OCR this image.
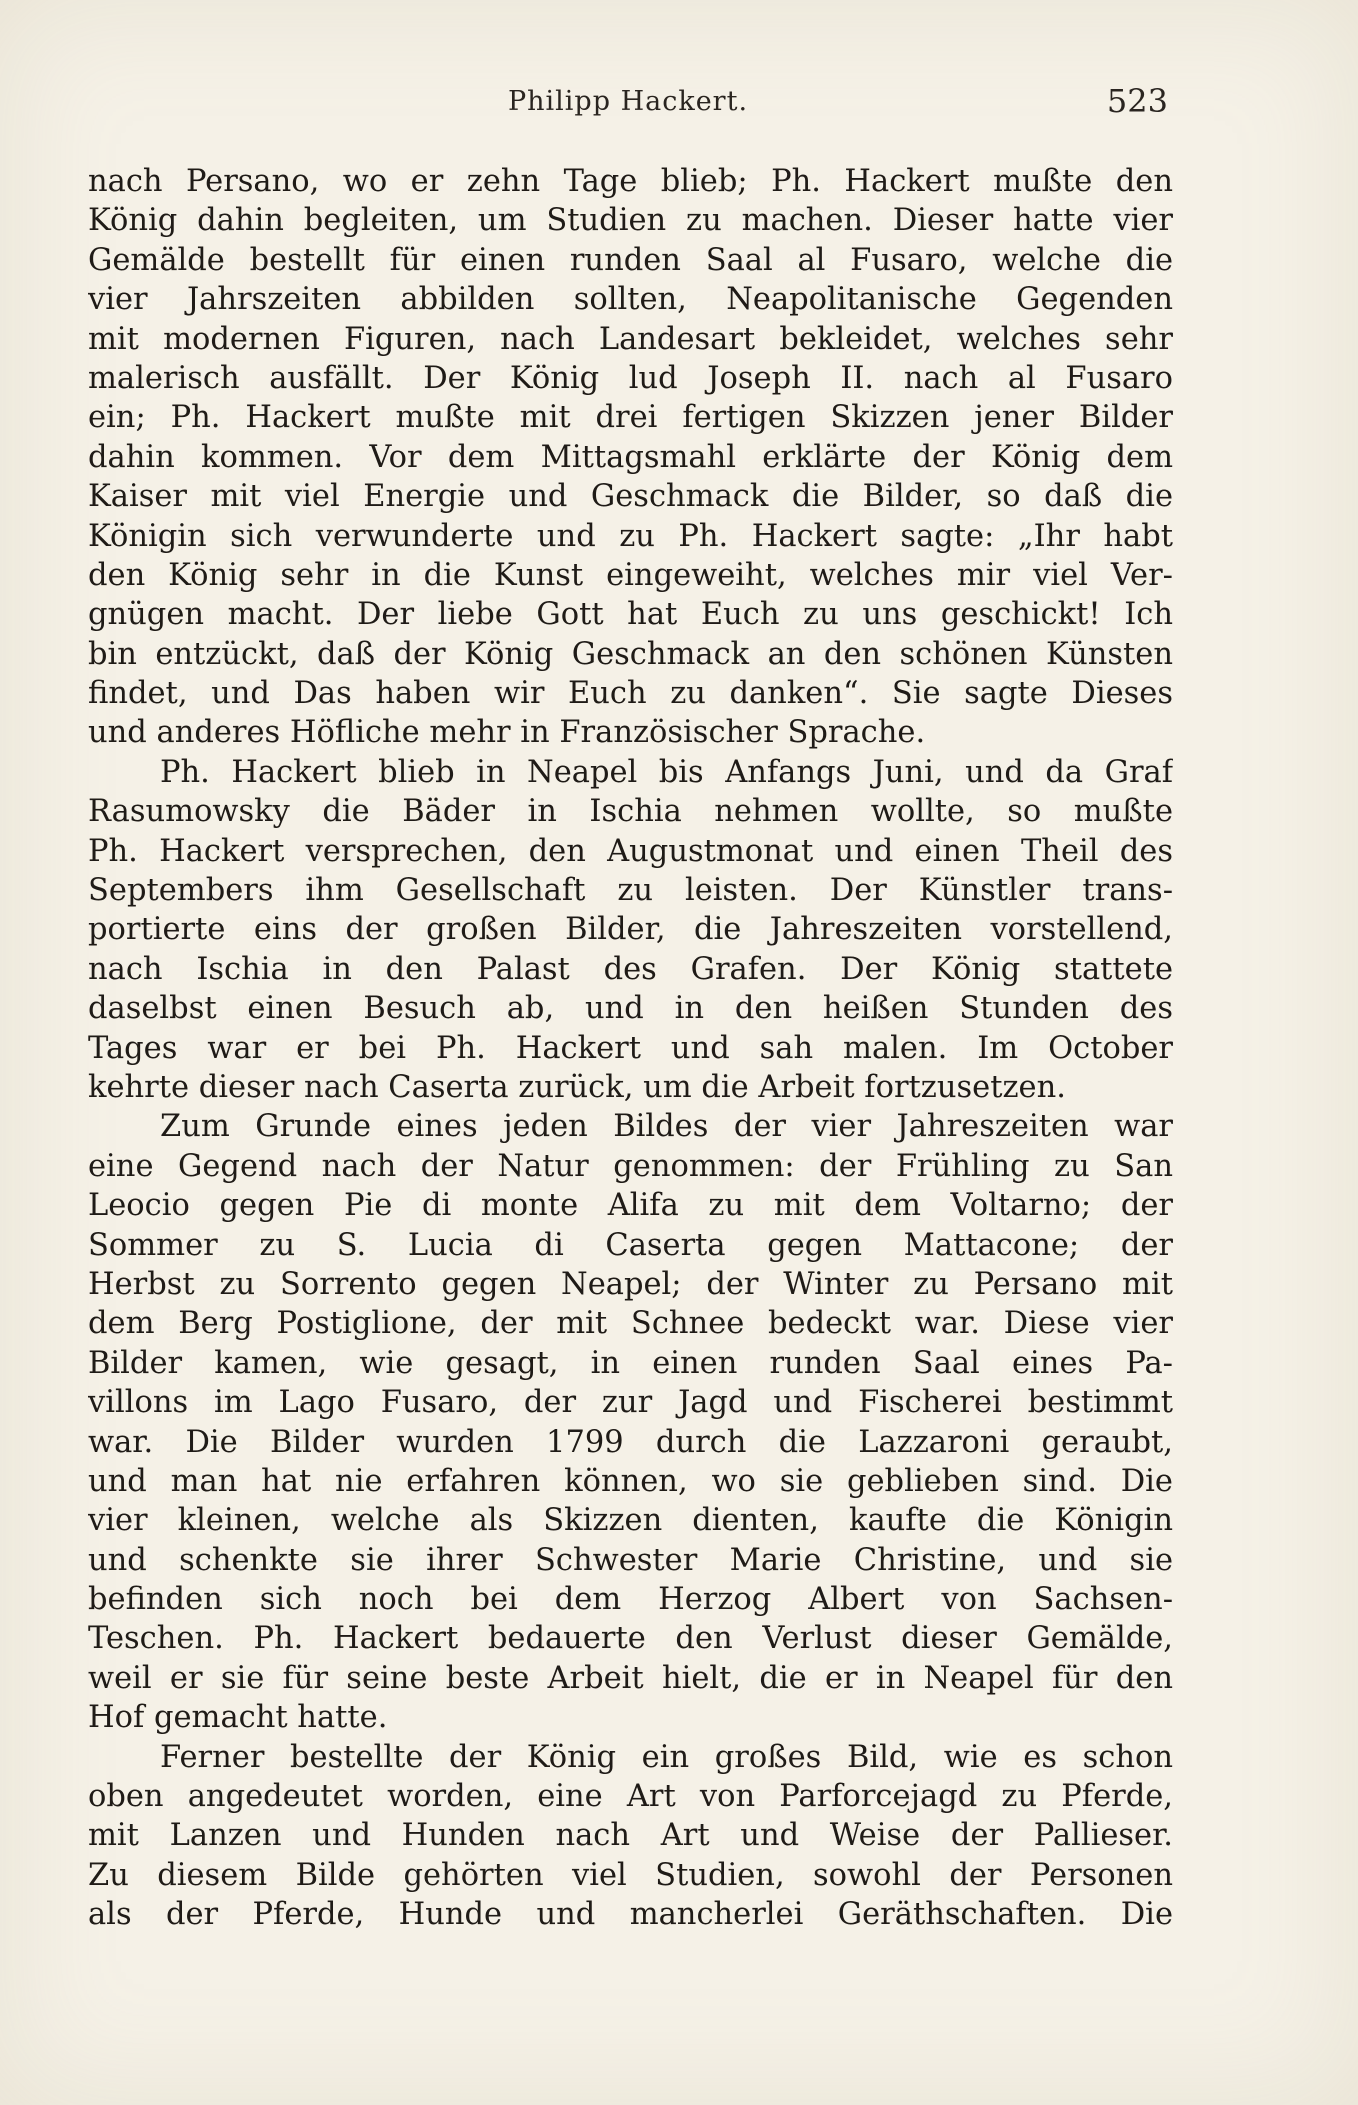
Philipp Hackert.	523
nach Persano, wo er zehn Tage blieb; Ph. Hackert mußte den
König dahin begleiten, um Studien zu machen. Dieser hatte vier
Gemälde bestellt für einen runden Saal al Fusaro, welche die
vier Jahrszeiten abbilden sollten, Neapolitanische Gegenden
mit modernen Figuren, nach Landesart bekleidet, welches sehr
malerisch ausfällt. Der König lud Joseph II. nach al Fusaro
ein; Ph. Hackert mußte mit drei fertigen Skizzen jener Bilder
dahin kommen. Vor dem Mittagsmahl erklärte der König dem
Kaiser mit viel Energie und Geschmack die Bilder, so daß die
Königin sich verwunderte und zu Ph. Hackert sagte: „Ihr habt
den König sehr in die Kunst eingeweiht, welches mir viel Ver-
gnügen macht. Der liebe Gott hat Euch zu uns geschickt! Ich
bin entzückt, daß der König Geschmack an den schönen Künsten
findet, und Das haben wir Euch zu danken“. Sie sagte Dieses
und anderes Höfliche mehr in Französischer Sprache.
Ph. Hackert blieb in Neapel bis Anfangs Juni, und da Graf
Rasumowsky die Bäder in Ischia nehmen wollte, so mußte
Ph. Hackert versprechen, den Augustmonat und einen Theil des
Septembers ihm Gesellschaft zu leisten. Der Künstler trans-
portierte eins der großen Bilder, die Jahreszeiten vorstellend,
nach Ischia in den Palast des Grafen. Der König stattete
daselbst einen Besuch ab, und in den heißen Stunden des
Tages war er bei Ph. Hackert und sah malen. Im October
kehrte dieser nach Caserta zurück, um die Arbeit fortzusetzen.
Zum Grunde eines jeden Bildes der vier Jahreszeiten war
eine Gegend nach der Natur genommen: der Frühling zu San
Leocio gegen Pie di monte Alifa zu mit dem Voltarno; der
Sommer zu S. Lucia di Caserta gegen Mattacone; der
Herbst zu Sorrento gegen Neapel; der Winter zu Persano mit
dem Berg Postiglione, der mit Schnee bedeckt war. Diese vier
Bilder kamen, wie gesagt, in einen runden Saal eines Pa-
villons im Lago Fusaro, der zur Jagd und Fischerei bestimmt
war. Die Bilder wurden 1799 durch die Lazzaroni geraubt,
und man hat nie erfahren können, wo sie geblieben sind. Die
vier kleinen, welche als Skizzen dienten, kaufte die Königin
und schenkte sie ihrer Schwester Marie Christine, und sie
befinden sich noch bei dem Herzog Albert von Sachsen-
Teschen. Ph. Hackert bedauerte den Verlust dieser Gemälde,
weil er sie für seine beste Arbeit hielt, die er in Neapel für den
Hof gemacht hatte.
Ferner bestellte der König ein großes Bild, wie es schon
oben angedeutet worden, eine Art von Parforcejagd zu Pferde,
mit Lanzen und Hunden nach Art und Weise der Pallieser.
Zu diesem Bilde gehörten viel Studien, sowohl der Personen
als der Pferde, Hunde und mancherlei Geräthschaften. Die
